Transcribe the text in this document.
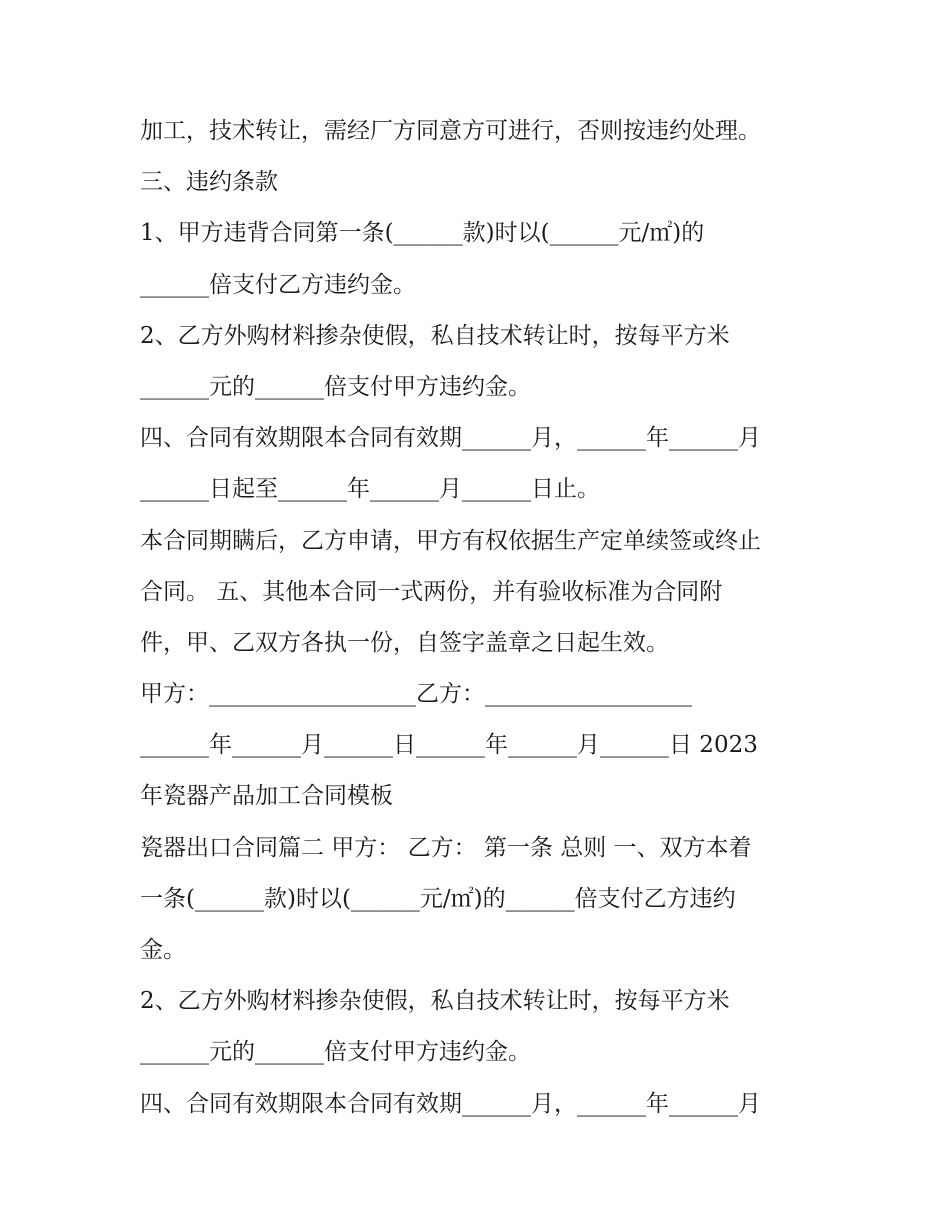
加工，技术转让，需经厂方同意方可进行，否则按违约处理。
三、违约条款
1、甲方违背合同第一条(______款)时以(______元/㎡)的
______倍支付乙方违约金。
2、乙方外购材料掺杂使假，私自技术转让时，按每平方米
______元的______倍支付甲方违约金。
四、合同有效期限本合同有效期______月，______年______月
______日起至______年______月______日止。
本合同期瞒后，乙方申请，甲方有权依据生产定单续签或终止
合同。 五、其他本合同一式两份，并有验收标准为合同附
件，甲、乙双方各执一份，自签字盖章之日起生效。
甲方：__________________乙方：__________________
______年______月______日______年______月______日 2023
年瓷器产品加工合同模板
瓷器出口合同篇二 甲方： 乙方： 第一条 总则 一、双方本着
一条(______款)时以(______元/㎡)的______倍支付乙方违约
金。
2、乙方外购材料掺杂使假，私自技术转让时，按每平方米
______元的______倍支付甲方违约金。
四、合同有效期限本合同有效期______月，______年______月
